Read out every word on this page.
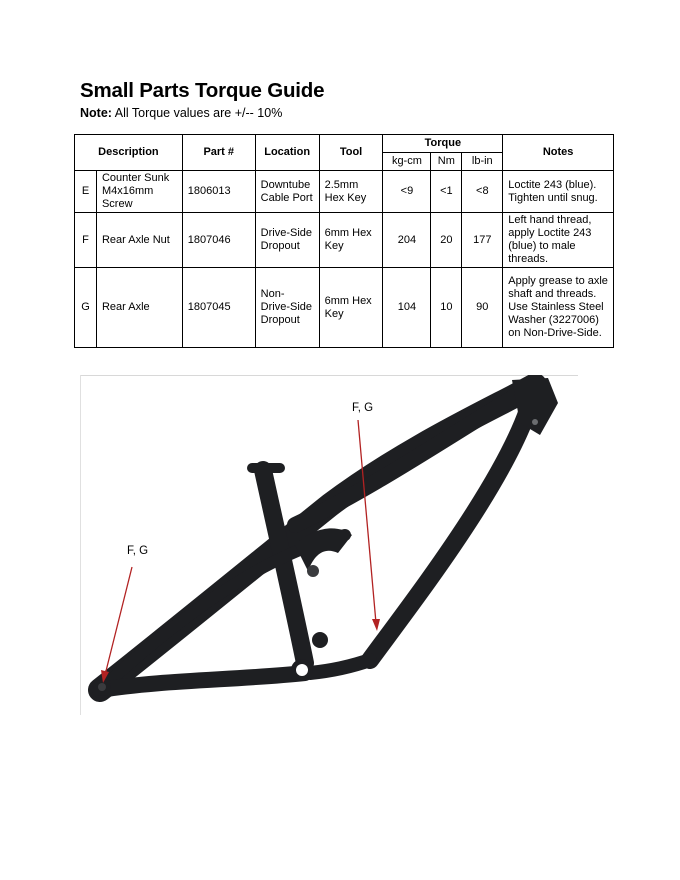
Small Parts Torque Guide
Note: All Torque values are +/-- 10%
Description		Part #	Location	Tool	Torque			Notes
					kg-cm	Nm	lb-in	
E	Counter Sunk M4x16mm Screw	1806013	Downtube Cable Port	2.5mm Hex Key	<9	<1	<8	Loctite 243 (blue). Tighten until snug.
F	Rear Axle Nut	1807046	Drive-Side Dropout	6mm Hex Key	204	20	177	Left hand thread, apply Loctite 243 (blue) to male threads.
G	Rear Axle	1807045	Non-Drive-Side Dropout	6mm Hex Key	104	10	90	Apply grease to axle shaft and threads. Use Stainless Steel Washer (3227006) on Non-Drive-Side.
F, G
F, G
